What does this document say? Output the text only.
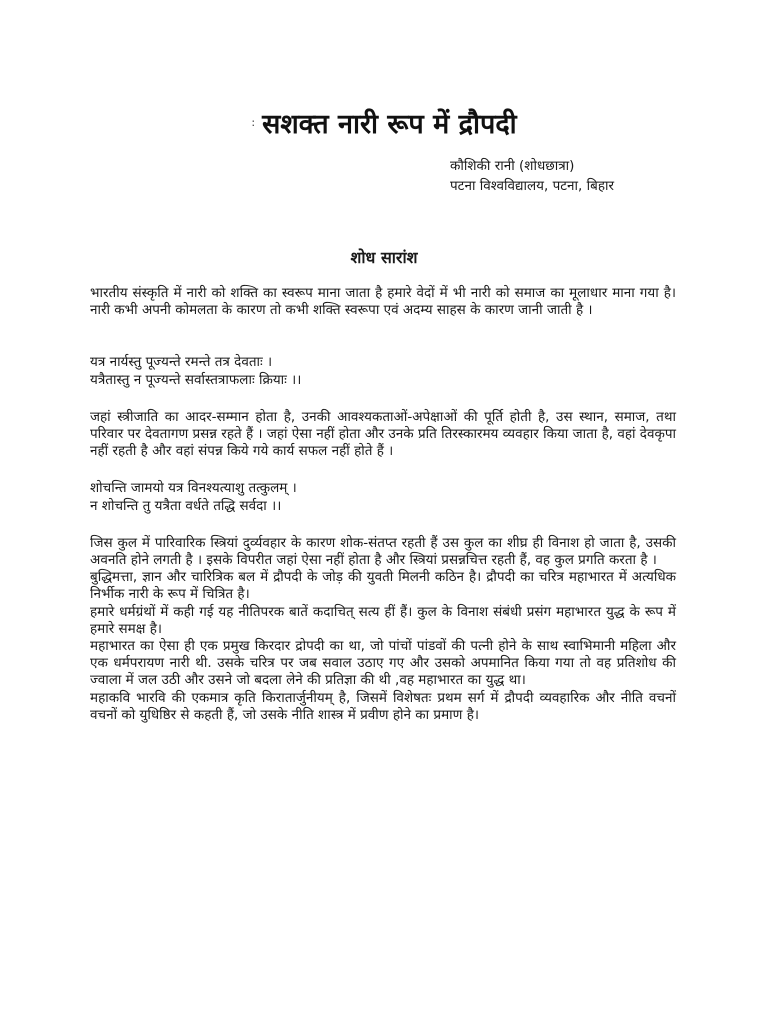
: सशक्त नारी रूप में द्रौपदी
कौशिकी रानी (शोधछात्रा)
पटना विश्वविद्यालय, पटना, बिहार
शोध सारांश

भारतीय संस्कृति में नारी को शक्ति का स्वरूप माना जाता है हमारे वेदों में भी नारी को समाज का मूलाधार माना गया है। नारी कभी अपनी कोमलता के कारण तो कभी शक्ति स्वरूपा एवं अदम्य साहस के कारण जानी जाती है ।

यत्र नार्यस्तु पूज्यन्ते रमन्ते तत्र देवताः ।

यत्रैतास्तु न पूज्यन्ते सर्वास्तत्राफलाः क्रियाः ।।

जहां स्त्रीजाति का आदर-सम्मान होता है, उनकी आवश्यकताओं-अपेक्षाओं की पूर्ति होती है, उस स्थान, समाज, तथा परिवार पर देवतागण प्रसन्न रहते हैं । जहां ऐसा नहीं होता और उनके प्रति तिरस्कारमय व्यवहार किया जाता है, वहां देवकृपा नहीं रहती है और वहां संपन्न किये गये कार्य सफल नहीं होते हैं ।

शोचन्ति जामयो यत्र विनश्यत्याशु तत्कुलम् ।

न शोचन्ति तु यत्रैता वर्धते तद्धि सर्वदा ।।

जिस कुल में पारिवारिक स्त्रियां दुर्व्यवहार के कारण शोक-संतप्त रहती हैं उस कुल का शीघ्र ही विनाश हो जाता है, उसकी अवनति होने लगती है । इसके विपरीत जहां ऐसा नहीं होता है और स्त्रियां प्रसन्नचित्त रहती हैं, वह कुल प्रगति करता है ।

बुद्धिमत्ता, ज्ञान और चारित्रिक बल में द्रौपदी के जोड़ की युवती मिलनी कठिन है। द्रौपदी का चरित्र महाभारत में अत्यधिक निर्भीक नारी के रूप में चित्रित है।

हमारे धर्मग्रंथों में कही गई यह नीतिपरक बातें कदाचित् सत्य हीं हैं। कुल के विनाश संबंधी प्रसंग महाभारत युद्ध के रूप में हमारे समक्ष है।

महाभारत का ऐसा ही एक प्रमुख किरदार द्रोपदी का था, जो पांचों पांडवों की पत्नी होने के साथ स्वाभिमानी महिला और एक धर्मपरायण नारी थी. उसके चरित्र पर जब सवाल उठाए गए और उसको अपमानित किया गया तो वह प्रतिशोध की ज्वाला में जल उठी और उसने जो बदला लेने की प्रतिज्ञा की थी ,वह महाभारत का युद्ध था।

महाकवि भारवि की एकमात्र कृति किरातार्जुनीयम् है, जिसमें विशेषतः प्रथम सर्ग में द्रौपदी व्यवहारिक और नीति वचनों वचनों को युधिष्ठिर से कहती हैं, जो उसके नीति शास्त्र में प्रवीण होने का प्रमाण है।
